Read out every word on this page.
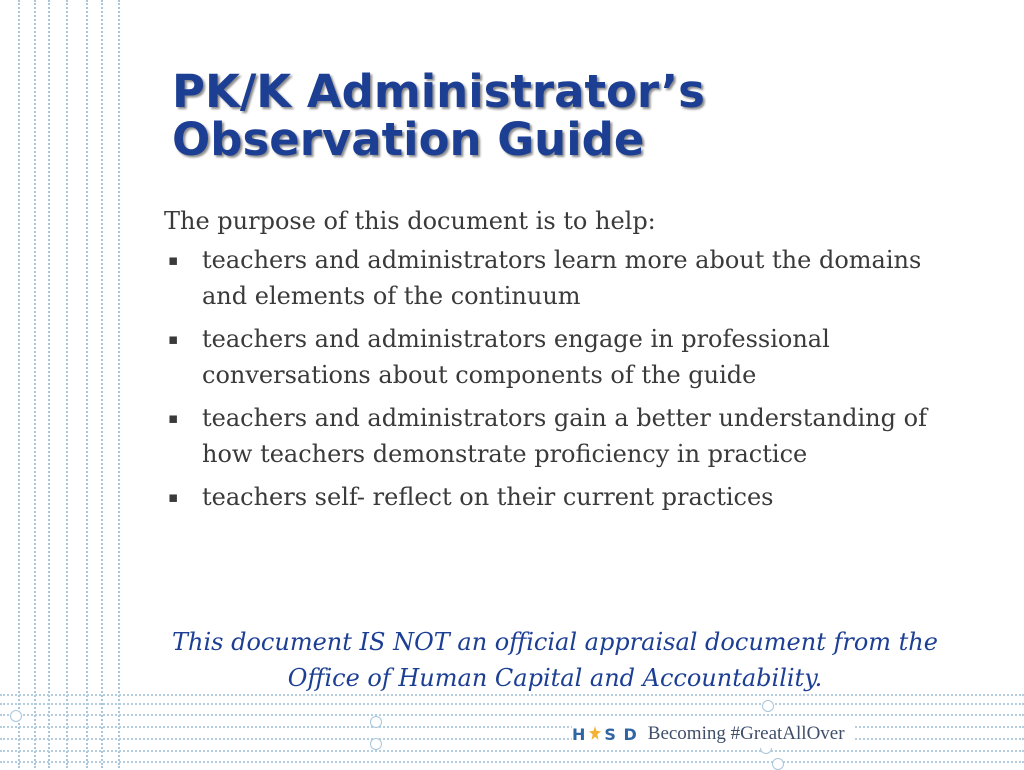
PK/K Administrator’s Observation Guide

The purpose of this document is to help:

▪ teachers and administrators learn more about the domains and elements of the continuum
▪ teachers and administrators engage in professional conversations about components of the guide
▪ teachers and administrators gain a better understanding of how teachers demonstrate proficiency in practice
▪ teachers self- reflect on their current practices

This document IS NOT an official appraisal document from the Office of Human Capital and Accountability.

H S D Becoming #GreatAllOver
